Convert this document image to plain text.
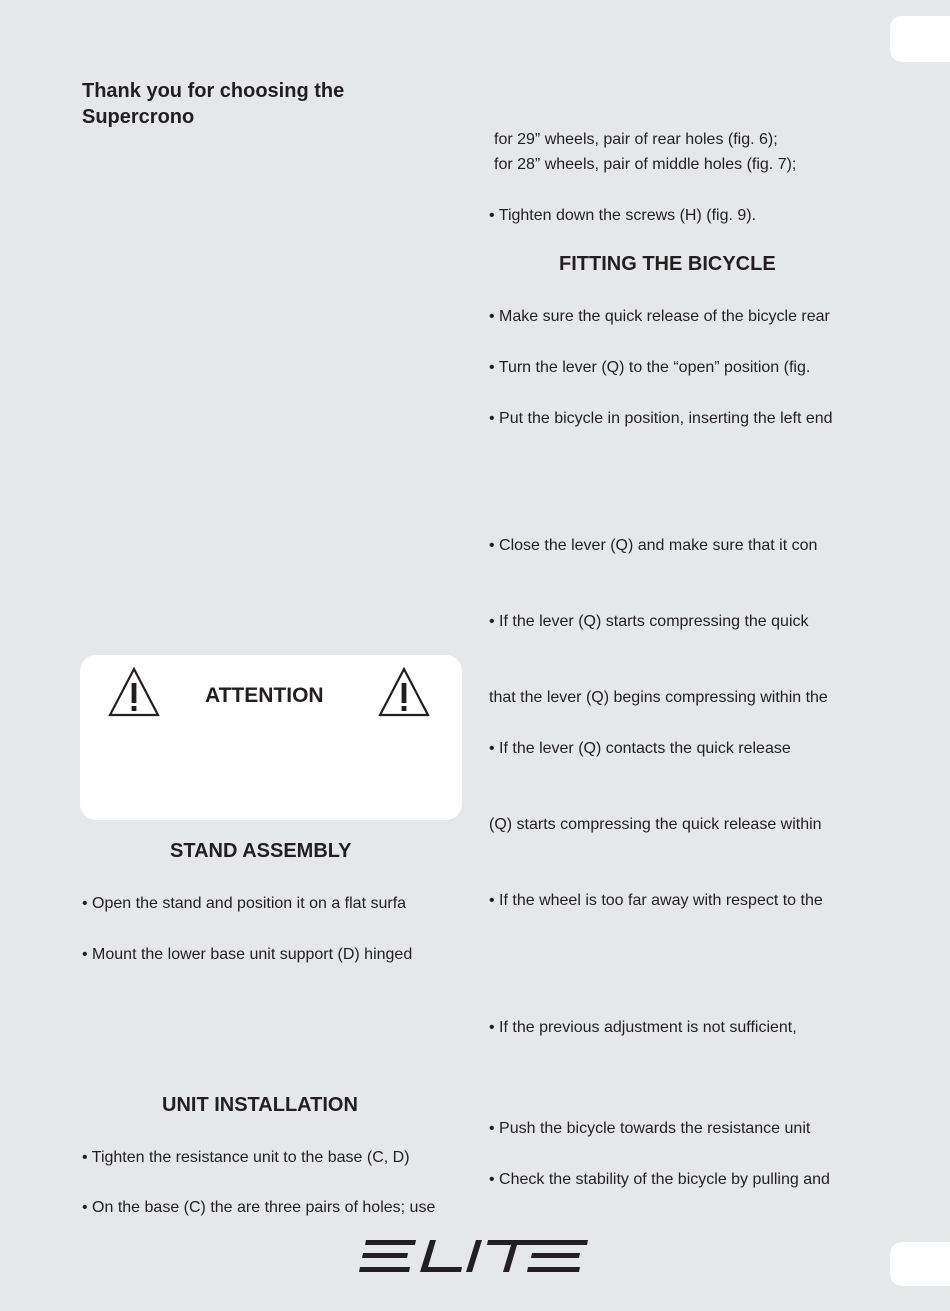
Thank you for choosing the Supercrono
ATTENTION
STAND ASSEMBLY
• Open the stand and position it on a flat surfa
• Mount the lower base unit support (D) hinged
UNIT INSTALLATION
• Tighten the resistance unit to the base (C, D)
• On the base (C) the are three pairs of holes; use
for 29” wheels, pair of rear holes (fig. 6);
for 28” wheels, pair of middle holes (fig. 7);
• Tighten down the screws (H) (fig. 9).
FITTING THE BICYCLE
• Make sure the quick release of the bicycle rear
• Turn the lever (Q) to the “open” position (fig.
• Put the bicycle in position, inserting the left end
• Close the lever (Q) and make sure that it con
• If the lever (Q) starts compressing the quick
that the lever (Q) begins compressing within the
• If the lever (Q) contacts the quick release
(Q) starts compressing the quick release within
• If the wheel is too far away with respect to the
• If the previous adjustment is not sufficient,
• Push the bicycle towards the resistance unit
• Check the stability of the bicycle by pulling and
